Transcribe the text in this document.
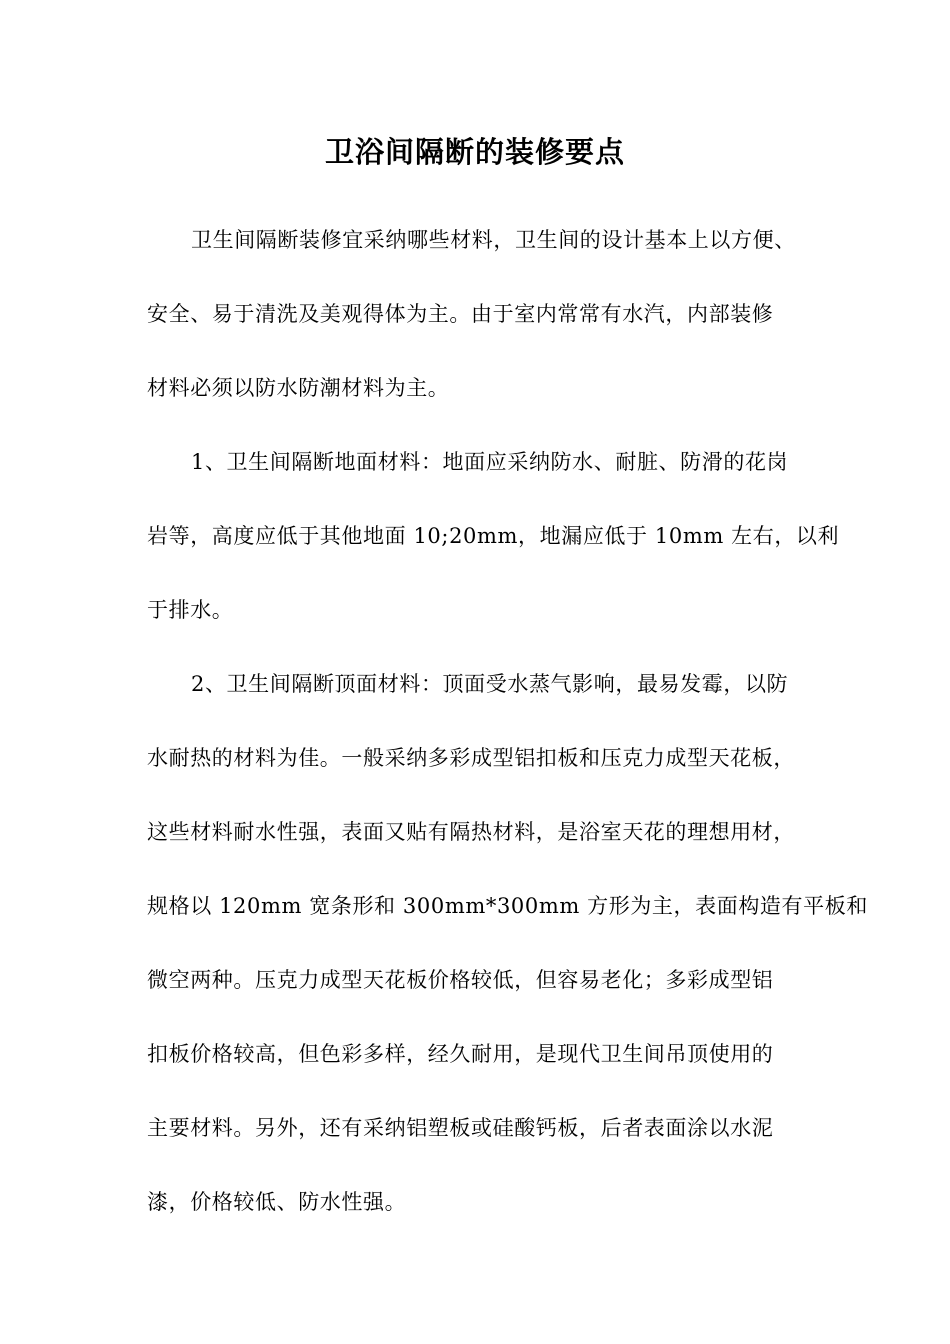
卫浴间隔断的装修要点
卫生间隔断装修宜采纳哪些材料，卫生间的设计基本上以方便、
安全、易于清洗及美观得体为主。由于室内常常有水汽，内部装修
材料必须以防水防潮材料为主。
1、卫生间隔断地面材料：地面应采纳防水、耐脏、防滑的花岗
岩等，高度应低于其他地面 10;20mm，地漏应低于 10mm 左右，以利
于排水。
2、卫生间隔断顶面材料：顶面受水蒸气影响，最易发霉，以防
水耐热的材料为佳。一般采纳多彩成型铝扣板和压克力成型天花板，
这些材料耐水性强，表面又贴有隔热材料，是浴室天花的理想用材，
规格以 120mm 宽条形和 300mm*300mm 方形为主，表面构造有平板和
微空两种。压克力成型天花板价格较低，但容易老化；多彩成型铝
扣板价格较高，但色彩多样，经久耐用，是现代卫生间吊顶使用的
主要材料。另外，还有采纳铝塑板或硅酸钙板，后者表面涂以水泥
漆，价格较低、防水性强。
